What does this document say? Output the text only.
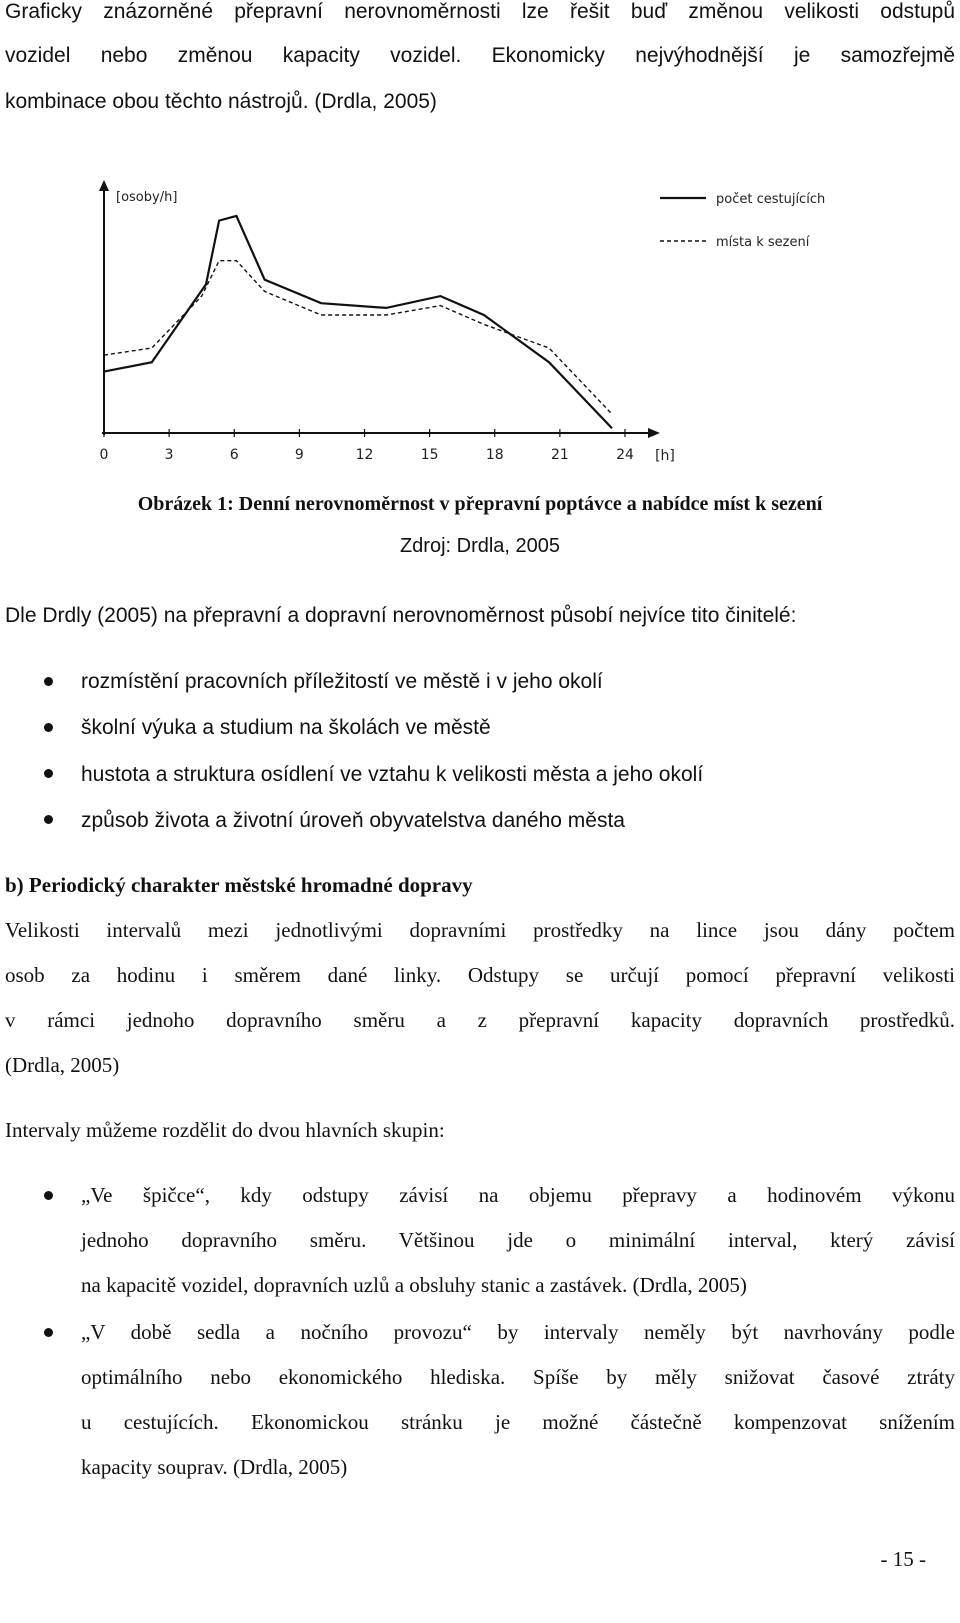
Graficky znázorněné přepravní nerovnoměrnosti lze řešit buď změnou velikosti odstupů

vozidel nebo změnou kapacity vozidel. Ekonomicky nejvýhodnější je samozřejmě

kombinace obou těchto nástrojů. (Drdla, 2005)

[osoby/h]
0	3	6	9	12	15	18	21	24 [h]
počet cestujících
místa k sezení

Obrázek 1: Denní nerovnoměrnost v přepravní poptávce a nabídce míst k sezení

Zdroj: Drdla, 2005

Dle Drdly (2005) na přepravní a dopravní nerovnoměrnost působí nejvíce tito činitelé:

rozmístění pracovních příležitostí ve městě i v jeho okolí

školní výuka a studium na školách ve městě

hustota a struktura osídlení ve vztahu k velikosti města a jeho okolí

způsob života a životní úroveň obyvatelstva daného města

b) Periodický charakter městské hromadné dopravy

Velikosti intervalů mezi jednotlivými dopravními prostředky na lince jsou dány počtem

osob za hodinu i směrem dané linky. Odstupy se určují pomocí přepravní velikosti

v rámci jednoho dopravního směru a z přepravní kapacity dopravních prostředků.

(Drdla, 2005)

Intervaly můžeme rozdělit do dvou hlavních skupin:

„Ve špičce“, kdy odstupy závisí na objemu přepravy a hodinovém výkonu

jednoho dopravního směru. Většinou jde o minimální interval, který závisí

na kapacitě vozidel, dopravních uzlů a obsluhy stanic a zastávek. (Drdla, 2005)

„V době sedla a nočního provozu“ by intervaly neměly být navrhovány podle

optimálního nebo ekonomického hlediska. Spíše by měly snižovat časové ztráty

u cestujících. Ekonomickou stránku je možné částečně kompenzovat snížením

kapacity souprav. (Drdla, 2005)

- 15 -
